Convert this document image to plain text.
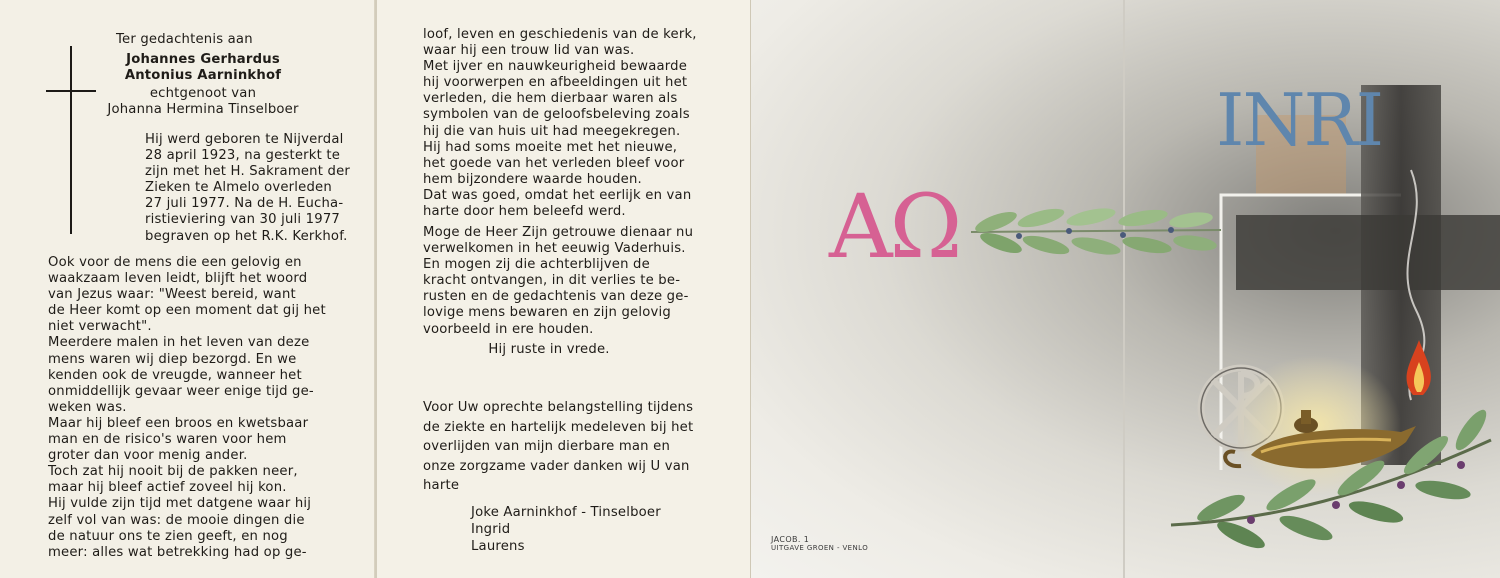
Ter gedachtenis aan

Johannes Gerhardus

Antonius Aarninkhof

echtgenoot van

Johanna Hermina Tinselboer

Hij werd geboren te Nijverdal

28 april 1923, na gesterkt te

zijn met het H. Sakrament der

Zieken te Almelo overleden

27 juli 1977. Na de H. Eucha-

ristieviering van 30 juli 1977

begraven op het R.K. Kerkhof.

Ook voor de mens die een gelovig en

waakzaam leven leidt, blijft het woord

van Jezus waar: "Weest bereid, want

de Heer komt op een moment dat gij het

niet verwacht".

Meerdere malen in het leven van deze

mens waren wij diep bezorgd. En we

kenden ook de vreugde, wanneer het

onmiddellijk gevaar weer enige tijd ge-

weken was.

Maar hij bleef een broos en kwetsbaar

man en de risico's waren voor hem

groter dan voor menig ander.

Toch zat hij nooit bij de pakken neer,

maar hij bleef actief zoveel hij kon.

Hij vulde zijn tijd met datgene waar hij

zelf vol van was: de mooie dingen die

de natuur ons te zien geeft, en nog

meer: alles wat betrekking had op ge-

loof, leven en geschiedenis van de kerk,

waar hij een trouw lid van was.

Met ijver en nauwkeurigheid bewaarde

hij voorwerpen en afbeeldingen uit het

verleden, die hem dierbaar waren als

symbolen van de geloofsbeleving zoals

hij die van huis uit had meegekregen.

Hij had soms moeite met het nieuwe,

het goede van het verleden bleef voor

hem bijzondere waarde houden.

Dat was goed, omdat het eerlijk en van

harte door hem beleefd werd.

Moge de Heer Zijn getrouwe dienaar nu

verwelkomen in het eeuwig Vaderhuis.

En mogen zij die achterblijven de

kracht ontvangen, in dit verlies te be-

rusten en de gedachtenis van deze ge-

lovige mens bewaren en zijn gelovig

voorbeeld in ere houden.

Hij ruste in vrede.

Voor Uw oprechte belangstelling tijdens

de ziekte en hartelijk medeleven bij het

overlijden van mijn dierbare man en

onze zorgzame vader danken wij U van

harte

Joke Aarninkhof - Tinselboer

Ingrid

Laurens

INRI
AΩ
JACOB. 1
UITGAVE GROEN - VENLO
